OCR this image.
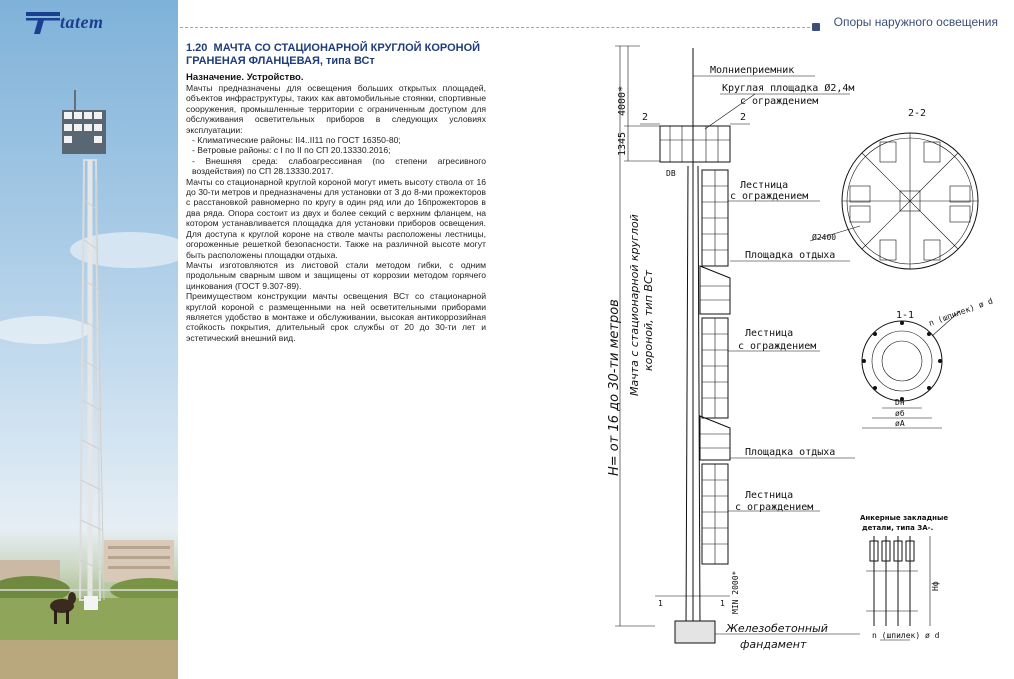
tatem	Опоры наружного освещения
1.20 МАЧТА СО СТАЦИОНАРНОЙ КРУГЛОЙ КОРОНОЙ ГРАНЕНАЯ ФЛАНЦЕВАЯ, типа ВСт
Назначение. Устройство.
Мачты предназначены для освещения больших открытых площадей, объектов инфраструктуры, таких как автомобильные стоянки, спортивные сооружения, промышленные территории с ограниченным доступом для обслуживания осветительных приборов в следующих условиях эксплуатации:
- Климатические районы: II4..II11 по ГОСТ 16350-80;
- Ветровые районы: с I по II по СП 20.13330.2016;
- Внешняя среда: слабоагрессивная (по степени агресивного воздействия) по СП 28.13330.2017.
Мачты со стационарной круглой короной могут иметь высоту ствола от 16 до 30-ти метров и предназначены для установки от 3 до 8-ми прожекторов с расстановкой равномерно по кругу в один ряд или до 16прожекторов в два ряда. Опора состоит из двух и более секций с верхним фланцем, на котором устанавливается площадка для установки приборов освещения. Для доступа к круглой короне на стволе мачты расположены лестницы, огороженные решеткой безопасности. Также на различной высоте могут быть расположены площадки отдыха.
Мачты изготовляются из листовой стали методом гибки, с одним продольным сварным швом и защищены от коррозии методом горячего цинкования (ГОСТ 9.307-89).
Преимуществом конструкции мачты освещения ВСт со стационарной круглой короной с размещенными на ней осветительными приборами является удобство в монтаже и обслуживании, высокая антикоррозийная стойкость покрытия, длительный срок службы от 20 до 30-ти лет и эстетический внешний вид.
4000*
1345
H= от 16 до 30-ти метров Мачта с стационарной круглой короной, тип ВСт
Молниеприемник
2	2
Круглая площадка Ø2,4м
с ограждением
DB
Лестница
с ограждением
Площадка отдыха
Лестница
с ограждением
Площадка отдыха
Лестница
с ограждением
1	1 MIN 2000*
Железобетонный
фандамент
2-2
Ø2400
1-1 n (шпилек) ø d
Dн
øб
øA
Анкерные закладные
детали, типа ЗА-.
Нф
n (шпилек) ø d
